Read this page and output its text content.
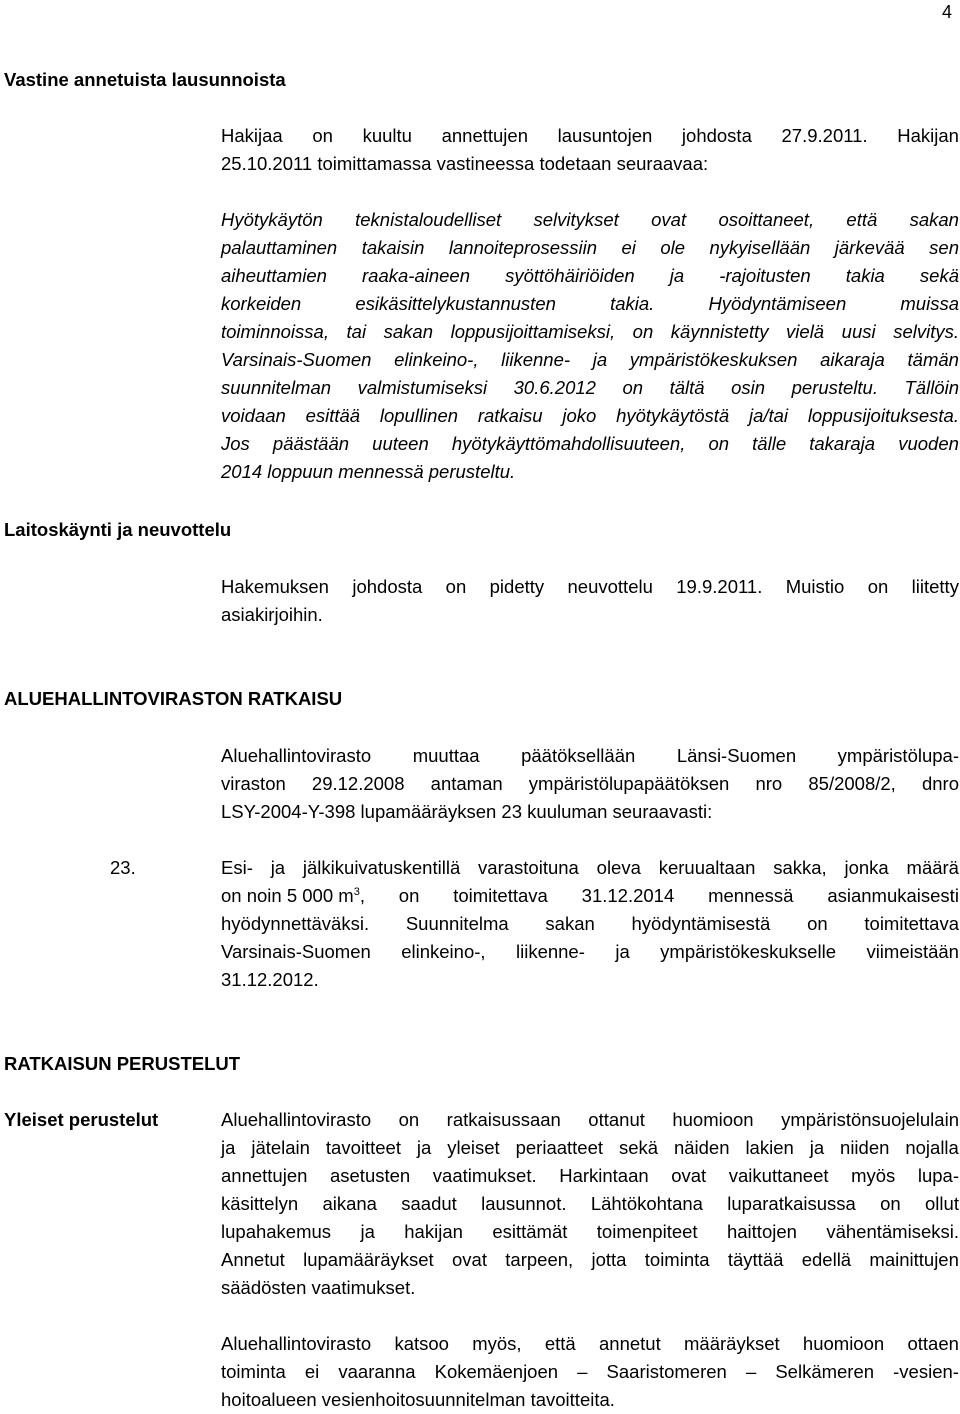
4
Vastine annetuista lausunnoista
Hakijaa on kuultu annettujen lausuntojen johdosta 27.9.2011. Hakijan
25.10.2011 toimittamassa vastineessa todetaan seuraavaa:
Hyötykäytön teknistaloudelliset selvitykset ovat osoittaneet, että sakan
palauttaminen takaisin lannoiteprosessiin ei ole nykyisellään järkevää sen
aiheuttamien raaka-aineen syöttöhäiriöiden ja -rajoitusten takia sekä
korkeiden	esikäsittelykustannusten	takia.	Hyödyntämiseen	muissa
toiminnoissa, tai sakan loppusijoittamiseksi, on käynnistetty vielä uusi selvitys.
Varsinais-Suomen elinkeino-, liikenne- ja ympäristökeskuksen aikaraja tämän
suunnitelman valmistumiseksi 30.6.2012 on tältä osin perusteltu. Tällöin
voidaan esittää lopullinen ratkaisu joko hyötykäytöstä ja/tai loppusijoituksesta.
Jos päästään uuteen hyötykäyttömahdollisuuteen, on tälle takaraja vuoden
2014 loppuun mennessä perusteltu.
Laitoskäynti ja neuvottelu
Hakemuksen johdosta on pidetty neuvottelu 19.9.2011. Muistio on liitetty
asiakirjoihin.
ALUEHALLINTOVIRASTON RATKAISU
Aluehallintovirasto muuttaa päätöksellään Länsi-Suomen ympäristölupa-
viraston 29.12.2008 antaman ympäristölupapäätöksen nro 85/2008/2, dnro
LSY-2004-Y-398 lupamääräyksen 23 kuuluman seuraavasti:
23.	Esi- ja jälkikuivatuskentillä varastoituna oleva keruualtaan sakka, jonka määrä
on noin 5 000 $m^3$, on toimitettava 31.12.2014 mennessä asianmukaisesti
hyödynnettäväksi. Suunnitelma sakan hyödyntämisestä on toimitettava
Varsinais-Suomen elinkeino-, liikenne- ja ympäristökeskukselle viimeistään
31.12.2012.
RATKAISUN PERUSTELUT
Yleiset perustelut	Aluehallintovirasto on ratkaisussaan ottanut huomioon ympäristönsuojelulain
ja jätelain tavoitteet ja yleiset periaatteet sekä näiden lakien ja niiden nojalla
annettujen asetusten vaatimukset. Harkintaan ovat vaikuttaneet myös lupa-
käsittelyn aikana saadut lausunnot. Lähtökohtana luparatkaisussa on ollut
lupahakemus ja hakijan esittämät toimenpiteet haittojen vähentämiseksi.
Annetut lupamääräykset ovat tarpeen, jotta toiminta täyttää edellä mainittujen
säädösten vaatimukset.
Aluehallintovirasto katsoo myös, että annetut määräykset huomioon ottaen
toiminta ei vaaranna Kokemäenjoen – Saaristomeren – Selkämeren -vesien-
hoitoalueen vesienhoitosuunnitelman tavoitteita.
